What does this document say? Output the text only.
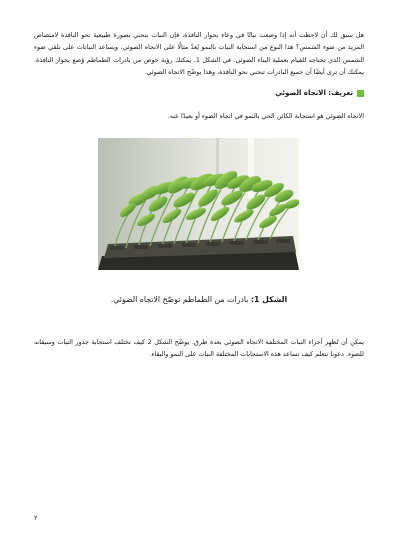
هل سبق لك أن لاحظت أنه إذا وضعت نباتًا في وعاء بجوار النافذة، فإن النبات ينحني بصورة طبيعية نحو النافذة لامتصاص المزيد من ضوء الشمس؟ هذا النوع من استجابة النبات بالنمو يُعدّ مثالًا على الاتجاه الضوئي، ويساعد النباتات على تلقي ضوء الشمس الذي تحتاجه للقيام بعملية البناء الضوئي. في الشكل 1، يمكنك رؤية حوض من بادرات الطماطم وُضع بجوار النافذة. يمكنك أن ترى أيضًا أن جميع البادرات تنحني نحو النافذة، وهذا يوضّح الاتجاه الضوئي.

تعريف: الاتجاه الضوئي

الاتجاه الضوئي هو استجابة الكائن الحي بالنمو في اتجاه الضوء أو بعيدًا عنه.

الشكل 1: بادرات من الطماطم توضّح الاتجاه الضوئي.

يمكن أن تُظهِر أجزاء النبات المختلفة الاتجاه الضوئي بعدة طرق. يوضّح الشكل 2 كيف تختلف استجابة جذور النبات وسيقانه للضوء. دعونا نتعلم كيف تساعد هذه الاستجابات المختلفة النبات على النمو والبقاء.

٢
